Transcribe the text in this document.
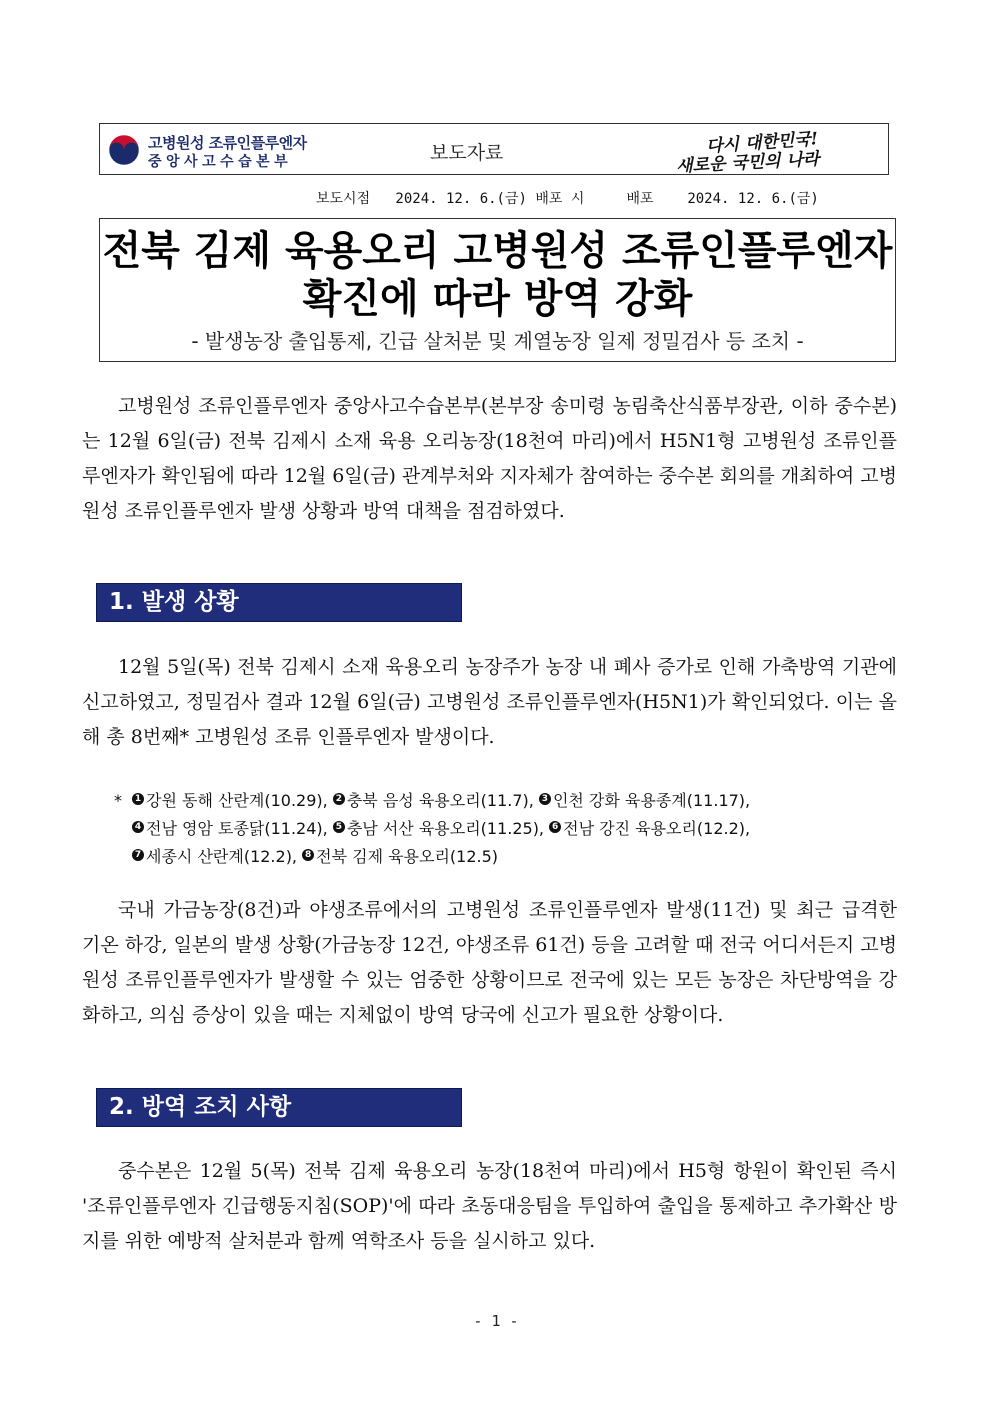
고병원성 조류인플루엔자
중앙사고수습본부	보도자료	다시 대한민국!
새로운 국민의 나라
보도시점 2024. 12. 6.(금) 배포 시	배포 2024. 12. 6.(금)
전북 김제 육용오리 고병원성 조류인플루엔자
확진에 따라 방역 강화
- 발생농장 출입통제, 긴급 살처분 및 계열농장 일제 정밀검사 등 조치 -
고병원성 조류인플루엔자 중앙사고수습본부(본부장 송미령 농림축산식품부장관, 이하 중수본)는 12월 6일(금) 전북 김제시 소재 육용 오리농장(18천여 마리)에서 H5N1형 고병원성 조류인플루엔자가 확인됨에 따라 12월 6일(금) 관계부처와 지자체가 참여하는 중수본 회의를 개최하여 고병원성 조류인플루엔자 발생 상황과 방역 대책을 점검하였다.
1. 발생 상황
12월 5일(목) 전북 김제시 소재 육용오리 농장주가 농장 내 폐사 증가로 인해 가축방역 기관에 신고하였고, 정밀검사 결과 12월 6일(금) 고병원성 조류인플루엔자(H5N1)가 확인되었다. 이는 올해 총 8번째* 고병원성 조류 인플루엔자 발생이다.
*	1 강원 동해 산란계(10.29), 2 충북 음성 육용오리(11.7), 3 인천 강화 육용종계(11.17),
4 전남 영암 토종닭(11.24), 5 충남 서산 육용오리(11.25), 6 전남 강진 육용오리(12.2),
7 세종시 산란계(12.2), 8 전북 김제 육용오리(12.5)
국내 가금농장(8건)과 야생조류에서의 고병원성 조류인플루엔자 발생(11건) 및 최근 급격한 기온 하강, 일본의 발생 상황(가금농장 12건, 야생조류 61건) 등을 고려할 때 전국 어디서든지 고병원성 조류인플루엔자가 발생할 수 있는 엄중한 상황이므로 전국에 있는 모든 농장은 차단방역을 강화하고, 의심 증상이 있을 때는 지체없이 방역 당국에 신고가 필요한 상황이다.
2. 방역 조치 사항
중수본은 12월 5(목) 전북 김제 육용오리 농장(18천여 마리)에서 H5형 항원이 확인된 즉시 '조류인플루엔자 긴급행동지침(SOP)'에 따라 초동대응팀을 투입하여 출입을 통제하고 추가확산 방지를 위한 예방적 살처분과 함께 역학조사 등을 실시하고 있다.
- 1 -
